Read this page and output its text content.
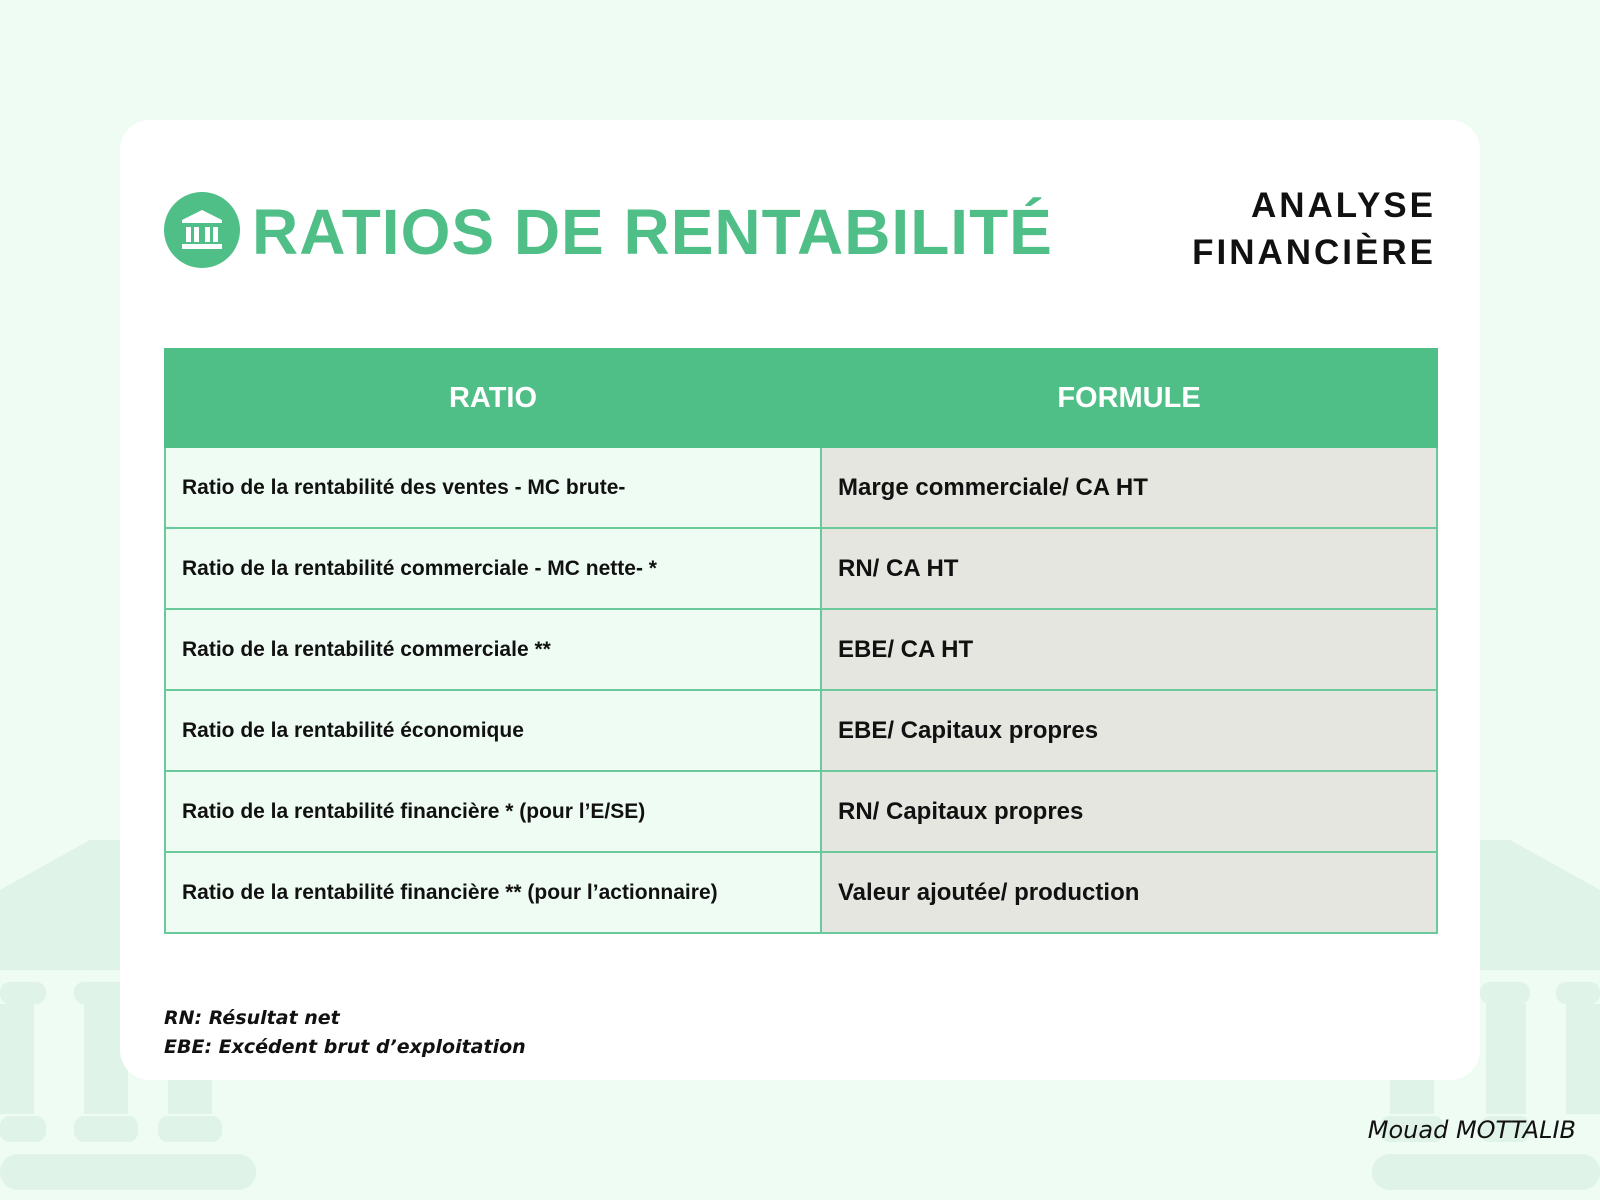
RATIOS DE RENTABILITÉ	ANALYSE
FINANCIÈRE
RATIO	FORMULE
Ratio de la rentabilité des ventes - MC brute-	Marge commerciale/ CA HT
Ratio de la rentabilité commerciale - MC nette- *	RN/ CA HT
Ratio de la rentabilité commerciale **	EBE/ CA HT
Ratio de la rentabilité économique	EBE/ Capitaux propres
Ratio de la rentabilité financière * (pour l’E/SE)	RN/ Capitaux propres
Ratio de la rentabilité financière ** (pour l’actionnaire)	Valeur ajoutée/ production
RN: Résultat net
EBE: Excédent brut d’exploitation
Mouad MOTTALIB
